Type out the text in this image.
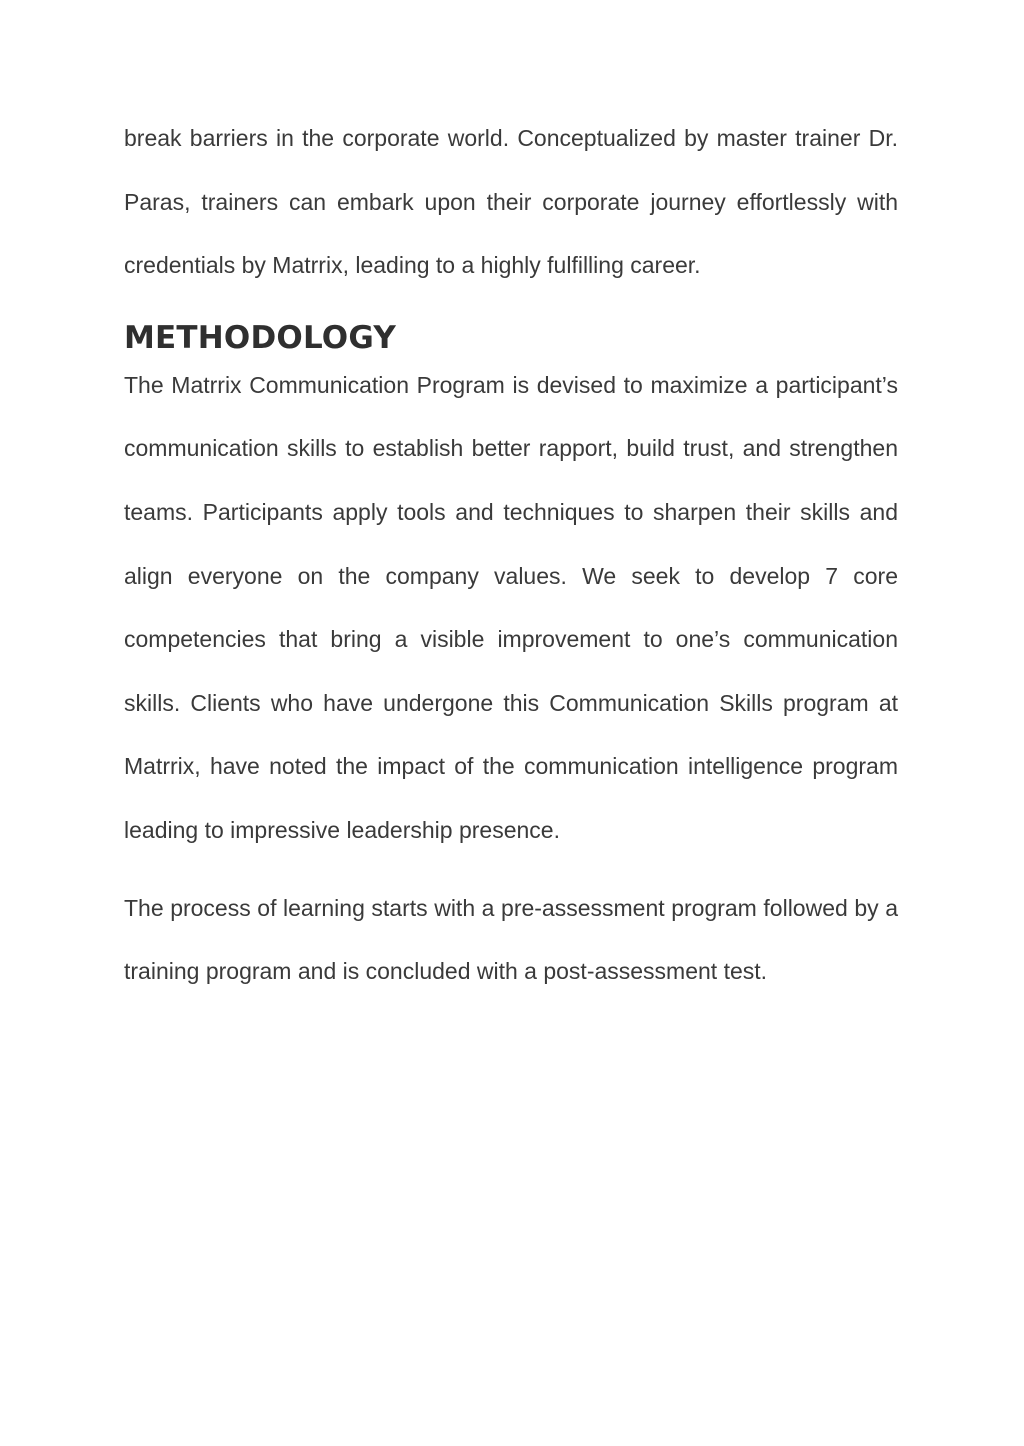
break barriers in the corporate world. Conceptualized by master trainer Dr. Paras, trainers can embark upon their corporate journey effortlessly with credentials by Matrrix, leading to a highly fulfilling career.

METHODOLOGY

The Matrrix Communication Program is devised to maximize a participant’s communication skills to establish better rapport, build trust, and strengthen teams. Participants apply tools and techniques to sharpen their skills and align everyone on the company values. We seek to develop 7 core competencies that bring a visible improvement to one’s communication skills. Clients who have undergone this Communication Skills program at Matrrix, have noted the impact of the communication intelligence program leading to impressive leadership presence.

The process of learning starts with a pre-assessment program followed by a training program and is concluded with a post-assessment test.
